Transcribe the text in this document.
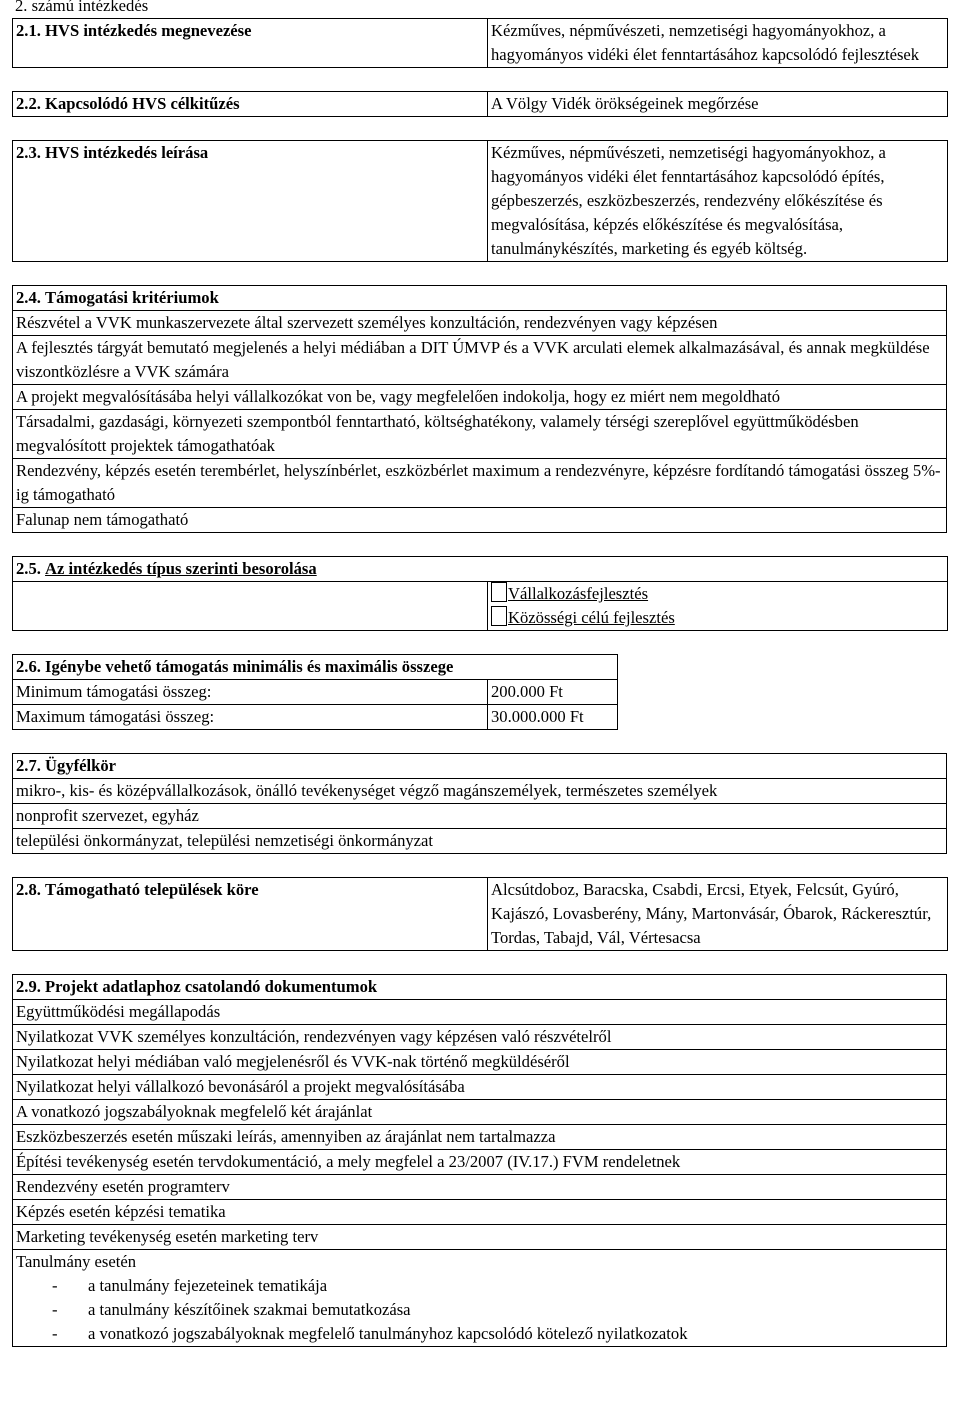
2. számú intézkedés
2.1. HVS intézkedés megnevezése	Kézműves, népművészeti, nemzetiségi hagyományokhoz, a hagyományos vidéki élet fenntartásához kapcsolódó fejlesztések
2.2. Kapcsolódó HVS célkitűzés	A Völgy Vidék örökségeinek megőrzése
2.3. HVS intézkedés leírása	Kézműves, népművészeti, nemzetiségi hagyományokhoz, a hagyományos vidéki élet fenntartásához kapcsolódó építés, gépbeszerzés, eszközbeszerzés, rendezvény előkészítése és megvalósítása, képzés előkészítése és megvalósítása, tanulmánykészítés, marketing és egyéb költség.
2.4. Támogatási kritériumok
Részvétel a VVK munkaszervezete által szervezett személyes konzultáción, rendezvényen vagy képzésen
A fejlesztés tárgyát bemutató megjelenés a helyi médiában a DIT ÚMVP és a VVK arculati elemek alkalmazásával, és annak megküldése viszontközlésre a VVK számára
A projekt megvalósításába helyi vállalkozókat von be, vagy megfelelően indokolja, hogy ez miért nem megoldható
Társadalmi, gazdasági, környezeti szempontból fenntartható, költséghatékony, valamely térségi szereplővel együttműködésben megvalósított projektek támogathatóak
Rendezvény, képzés esetén terembérlet, helyszínbérlet, eszközbérlet maximum a rendezvényre, képzésre fordítandó támogatási összeg 5%-ig támogatható
Falunap nem támogatható
2.5. Az intézkedés típus szerinti besorolása

Vállalkozásfejlesztés
Közösségi célú fejlesztés
2.6. Igénybe vehető támogatás minimális és maximális összege		
Minimum támogatási összeg:	200.000 Ft	
Maximum támogatási összeg:	30.000.000 Ft	
2.7. Ügyfélkör
mikro-, kis- és középvállalkozások, önálló tevékenységet végző magánszemélyek, természetes személyek
nonprofit szervezet, egyház
települési önkormányzat, települési nemzetiségi önkormányzat
2.8. Támogatható települések köre	Alcsútdoboz, Baracska, Csabdi, Ercsi, Etyek, Felcsút, Gyúró, Kajászó, Lovasberény, Mány, Martonvásár, Óbarok, Ráckeresztúr, Tordas, Tabajd, Vál, Vértesacsa
2.9. Projekt adatlaphoz csatolandó dokumentumok
Együttműködési megállapodás
Nyilatkozat VVK személyes konzultáción, rendezvényen vagy képzésen való részvételről
Nyilatkozat helyi médiában való megjelenésről és VVK-nak történő megküldéséről
Nyilatkozat helyi vállalkozó bevonásáról a projekt megvalósításába
A vonatkozó jogszabályoknak megfelelő két árajánlat
Eszközbeszerzés esetén műszaki leírás, amennyiben az árajánlat nem tartalmazza
Építési tevékenység esetén tervdokumentáció, a mely megfelel a 23/2007 (IV.17.) FVM rendeletnek
Rendezvény esetén programterv
Képzés esetén képzési tematika
Marketing tevékenység esetén marketing terv

Tanulmány esetén
- a tanulmány fejezeteinek tematikája
- a tanulmány készítőinek szakmai bemutatkozása
- a vonatkozó jogszabályoknak megfelelő tanulmányhoz kapcsolódó kötelező nyilatkozatok
